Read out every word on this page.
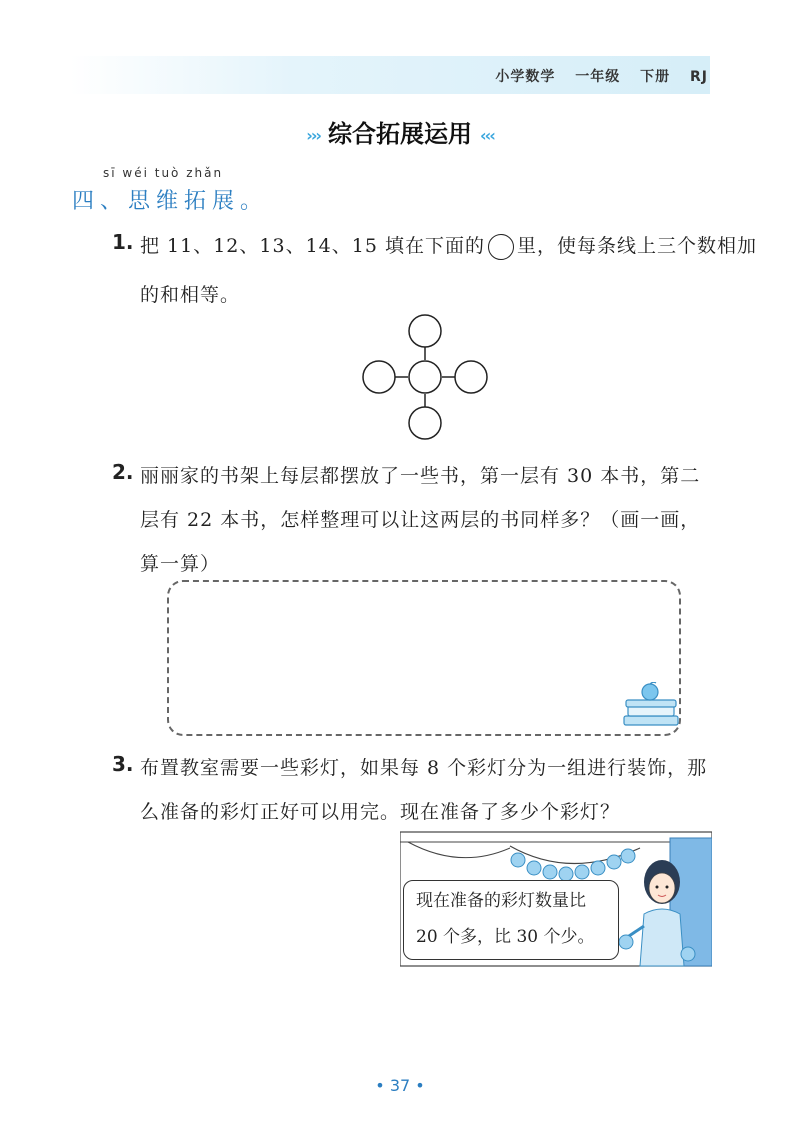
小学数学 一年级 下册 RJ
››› 综合拓展运用 ‹‹‹
sī wéi tuò zhǎn
四、思维拓展。
1. 把 11、12、13、14、15 填在下面的 里，使每条线上三个数相加
的和相等。
2. 丽丽家的书架上每层都摆放了一些书，第一层有 30 本书，第二
层有 22 本书，怎样整理可以让这两层的书同样多？（画一画，
算一算）
3. 布置教室需要一些彩灯，如果每 8 个彩灯分为一组进行装饰，那
么准备的彩灯正好可以用完。现在准备了多少个彩灯？
现在准备的彩灯数量比
20 个多，比 30 个少。
• 37 •
